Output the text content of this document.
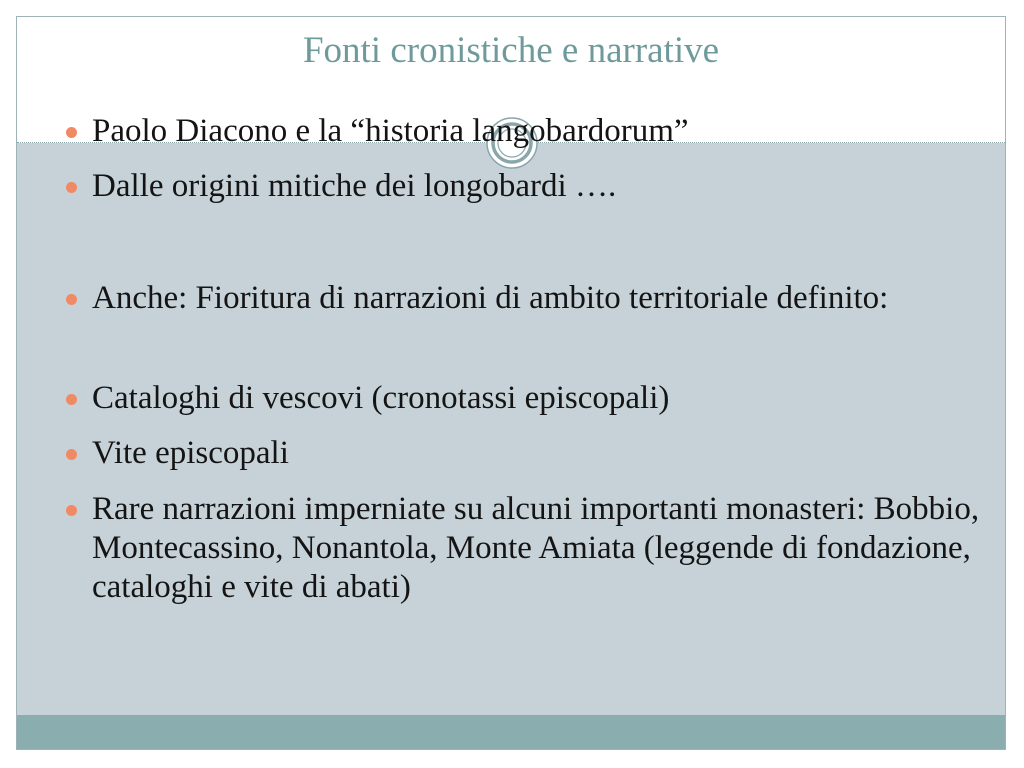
Fonti cronistiche e narrative
Paolo Diacono e la “historia langobardorum”
Dalle origini mitiche dei longobardi ….
Anche: Fioritura di narrazioni di ambito territoriale definito:
Cataloghi di vescovi (cronotassi episcopali)
Vite episcopali
Rare narrazioni imperniate su alcuni importanti monasteri: Bobbio, Montecassino, Nonantola, Monte Amiata (leggende di fondazione, cataloghi e vite di abati)
